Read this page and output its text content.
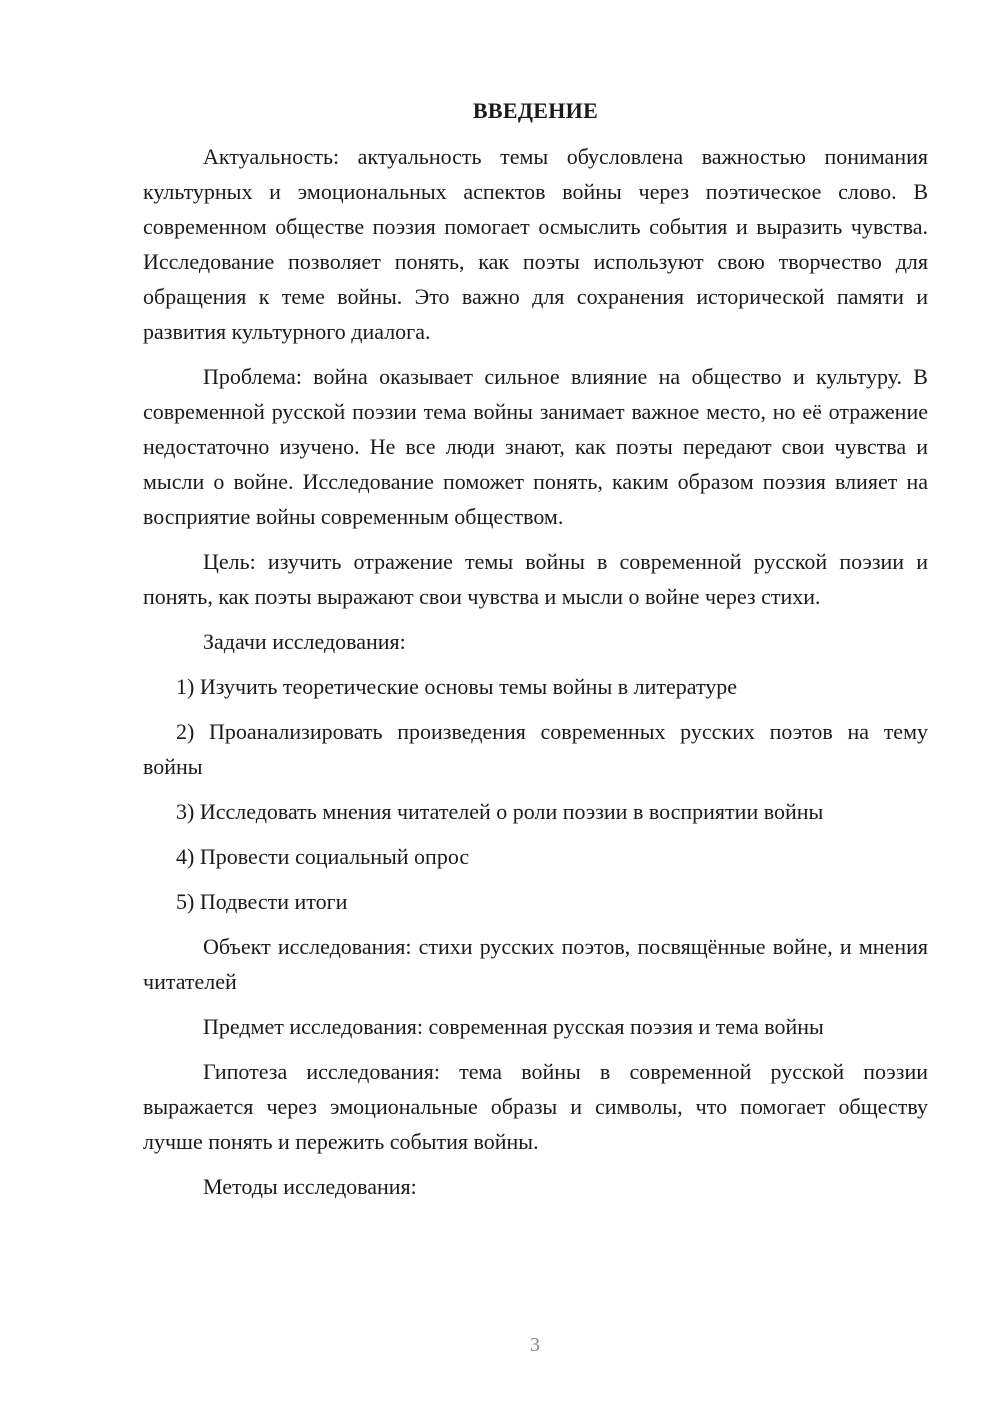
ВВЕДЕНИЕ

Актуальность: актуальность темы обусловлена важностью понимания культурных и эмоциональных аспектов войны через поэтическое слово. В современном обществе поэзия помогает осмыслить события и выразить чувства. Исследование позволяет понять, как поэты используют свою творчество для обращения к теме войны. Это важно для сохранения исторической памяти и развития культурного диалога.

Проблема: война оказывает сильное влияние на общество и культуру. В современной русской поэзии тема войны занимает важное место, но её отражение недостаточно изучено. Не все люди знают, как поэты передают свои чувства и мысли о войне. Исследование поможет понять, каким образом поэзия влияет на восприятие войны современным обществом.

Цель: изучить отражение темы войны в современной русской поэзии и понять, как поэты выражают свои чувства и мысли о войне через стихи.

Задачи исследования:

1) Изучить теоретические основы темы войны в литературе

2) Проанализировать произведения современных русских поэтов на тему войны

3) Исследовать мнения читателей о роли поэзии в восприятии войны

4) Провести социальный опрос

5) Подвести итоги

Объект исследования: стихи русских поэтов, посвящённые войне, и мнения читателей

Предмет исследования: современная русская поэзия и тема войны

Гипотеза исследования: тема войны в современной русской поэзии выражается через эмоциональные образы и символы, что помогает обществу лучше понять и пережить события войны.

Методы исследования:

3
